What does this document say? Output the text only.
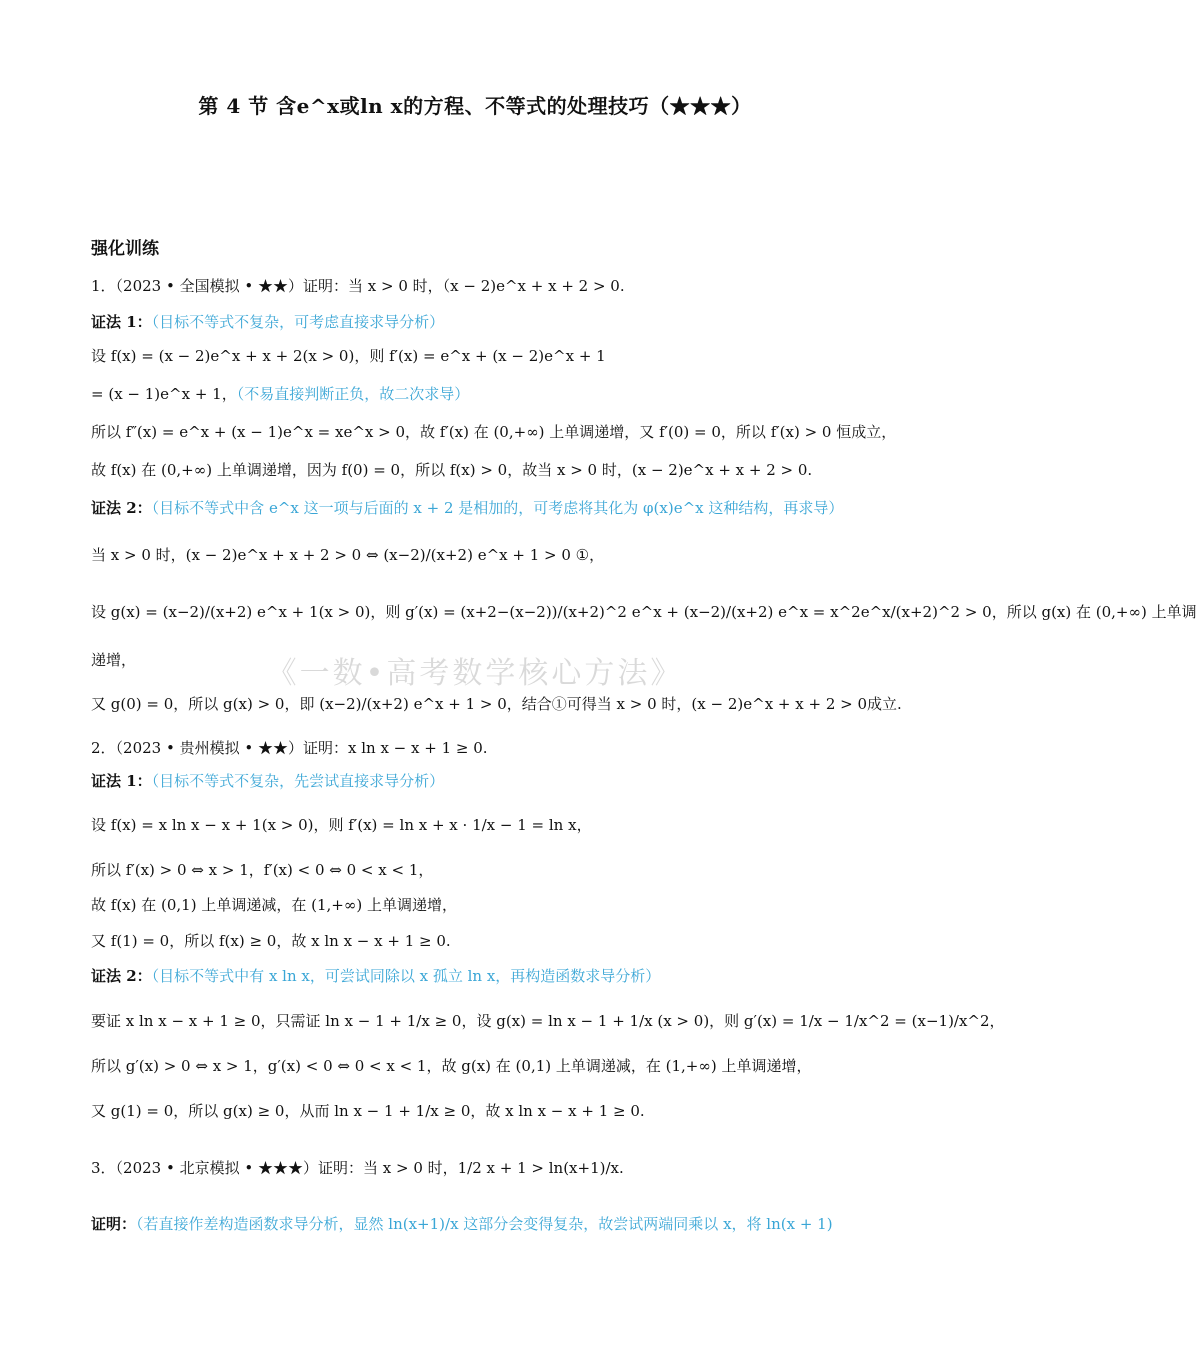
第 4 节 含e^x或ln x的方程、不等式的处理技巧（★★★）
《一数•高考数学核心方法》
强化训练
1．（2023 • 全国模拟 • ★★）证明：当 x > 0 时，（x − 2)e^x + x + 2 > 0.
证法 1：（目标不等式不复杂，可考虑直接求导分析）
设 f(x) = (x − 2)e^x + x + 2(x > 0)，则 f′(x) = e^x + (x − 2)e^x + 1
= (x − 1)e^x + 1，（不易直接判断正负，故二次求导）
所以 f″(x) = e^x + (x − 1)e^x = xe^x > 0，故 f′(x) 在 (0,+∞) 上单调递增，又 f′(0) = 0，所以 f′(x) > 0 恒成立，
故 f(x) 在 (0,+∞) 上单调递增，因为 f(0) = 0，所以 f(x) > 0，故当 x > 0 时，(x − 2)e^x + x + 2 > 0.
证法 2：（目标不等式中含 e^x 这一项与后面的 x + 2 是相加的，可考虑将其化为 φ(x)e^x 这种结构，再求导）
当 x > 0 时，(x − 2)e^x + x + 2 > 0 ⇔ (x−2)/(x+2) e^x + 1 > 0 ①，
设 g(x) = (x−2)/(x+2) e^x + 1(x > 0)，则 g′(x) = (x+2−(x−2))/(x+2)^2 e^x + (x−2)/(x+2) e^x = x^2e^x/(x+2)^2 > 0，所以 g(x) 在 (0,+∞) 上单调
递增，
又 g(0) = 0，所以 g(x) > 0，即 (x−2)/(x+2) e^x + 1 > 0，结合①可得当 x > 0 时，(x − 2)e^x + x + 2 > 0成立.
2．（2023 • 贵州模拟 • ★★）证明：x ln x − x + 1 ≥ 0.
证法 1：（目标不等式不复杂，先尝试直接求导分析）
设 f(x) = x ln x − x + 1(x > 0)，则 f′(x) = ln x + x · 1/x − 1 = ln x，
所以 f′(x) > 0 ⇔ x > 1，f′(x) < 0 ⇔ 0 < x < 1，
故 f(x) 在 (0,1) 上单调递减，在 (1,+∞) 上单调递增，
又 f(1) = 0，所以 f(x) ≥ 0，故 x ln x − x + 1 ≥ 0.
证法 2：（目标不等式中有 x ln x，可尝试同除以 x 孤立 ln x，再构造函数求导分析）
要证 x ln x − x + 1 ≥ 0，只需证 ln x − 1 + 1/x ≥ 0，设 g(x) = ln x − 1 + 1/x (x > 0)，则 g′(x) = 1/x − 1/x^2 = (x−1)/x^2，
所以 g′(x) > 0 ⇔ x > 1，g′(x) < 0 ⇔ 0 < x < 1，故 g(x) 在 (0,1) 上单调递减，在 (1,+∞) 上单调递增，
又 g(1) = 0，所以 g(x) ≥ 0，从而 ln x − 1 + 1/x ≥ 0，故 x ln x − x + 1 ≥ 0.
3．（2023 • 北京模拟 • ★★★）证明：当 x > 0 时，1/2 x + 1 > ln(x+1)/x.
证明：（若直接作差构造函数求导分析，显然 ln(x+1)/x 这部分会变得复杂，故尝试两端同乘以 x，将 ln(x + 1)
